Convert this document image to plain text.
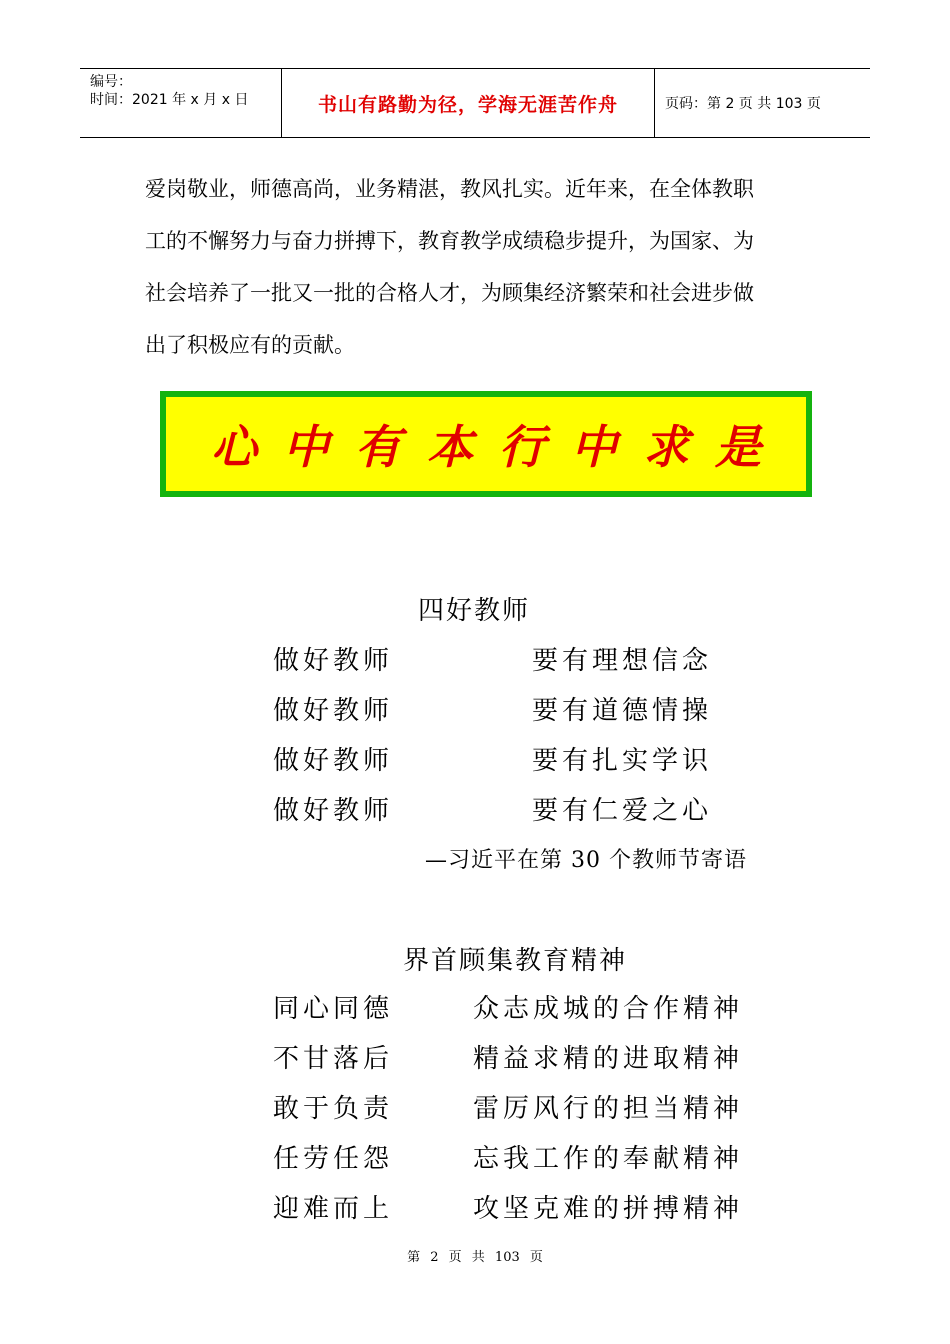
编号：
时间：2021 年 x 月 x 日	书山有路勤为径，学海无涯苦作舟	页码：第 2 页 共 103 页

爱岗敬业，师德高尚，业务精湛，教风扎实。近年来，在全体教职

工的不懈努力与奋力拼搏下，教育教学成绩稳步提升，为国家、为

社会培养了一批又一批的合格人才，为顾集经济繁荣和社会进步做

出了积极应有的贡献。

心中有本行中求是
四好教师
做好教师	要有理想信念
做好教师	要有道德情操
做好教师	要有扎实学识
做好教师	要有仁爱之心
—习近平在第 30 个教师节寄语
界首顾集教育精神
同心同德	众志成城的合作精神
不甘落后	精益求精的进取精神
敢于负责	雷厉风行的担当精神
任劳任怨	忘我工作的奉献精神
迎难而上	攻坚克难的拼搏精神
第 2 页 共 103 页
